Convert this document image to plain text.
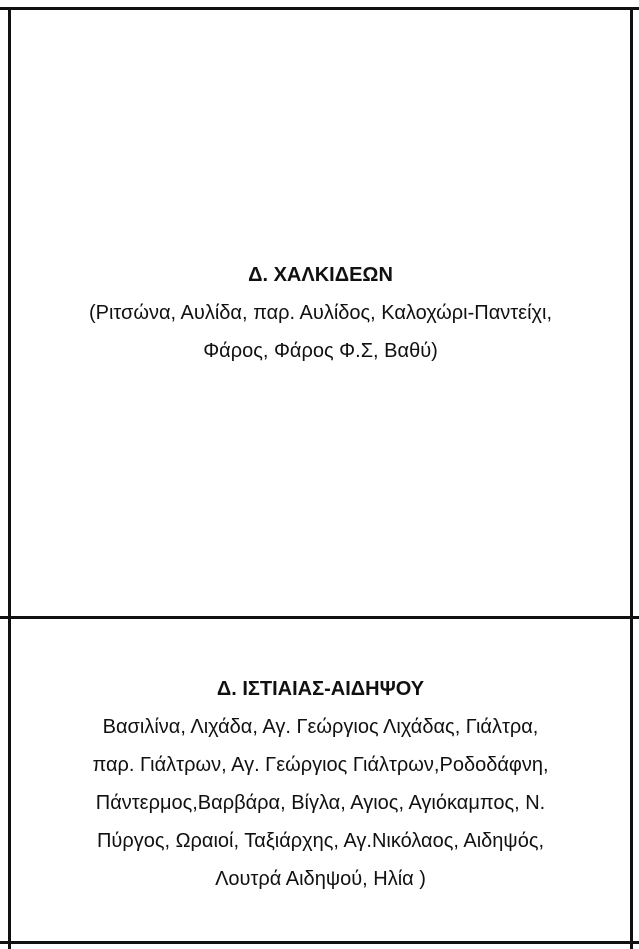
Δ. ΧΑΛΚΙΔΕΩΝ
(Ριτσώνα, Αυλίδα, παρ. Αυλίδος, Καλοχώρι-Παντείχι,
Φάρος, Φάρος Φ.Σ, Βαθύ)
Δ. ΙΣΤΙΑΙΑΣ-ΑΙΔΗΨΟΥ
Βασιλίνα, Λιχάδα, Αγ. Γεώργιος Λιχάδας, Γιάλτρα,
παρ. Γιάλτρων, Αγ. Γεώργιος Γιάλτρων,Ροδοδάφνη,
Πάντερμος,Βαρβάρα, Βίγλα, Αγιος, Αγιόκαμπος, Ν.
Πύργος, Ωραιοί, Ταξιάρχης, Αγ.Νικόλαος, Αιδηψός,
Λουτρά Αιδηψού, Ηλία )
